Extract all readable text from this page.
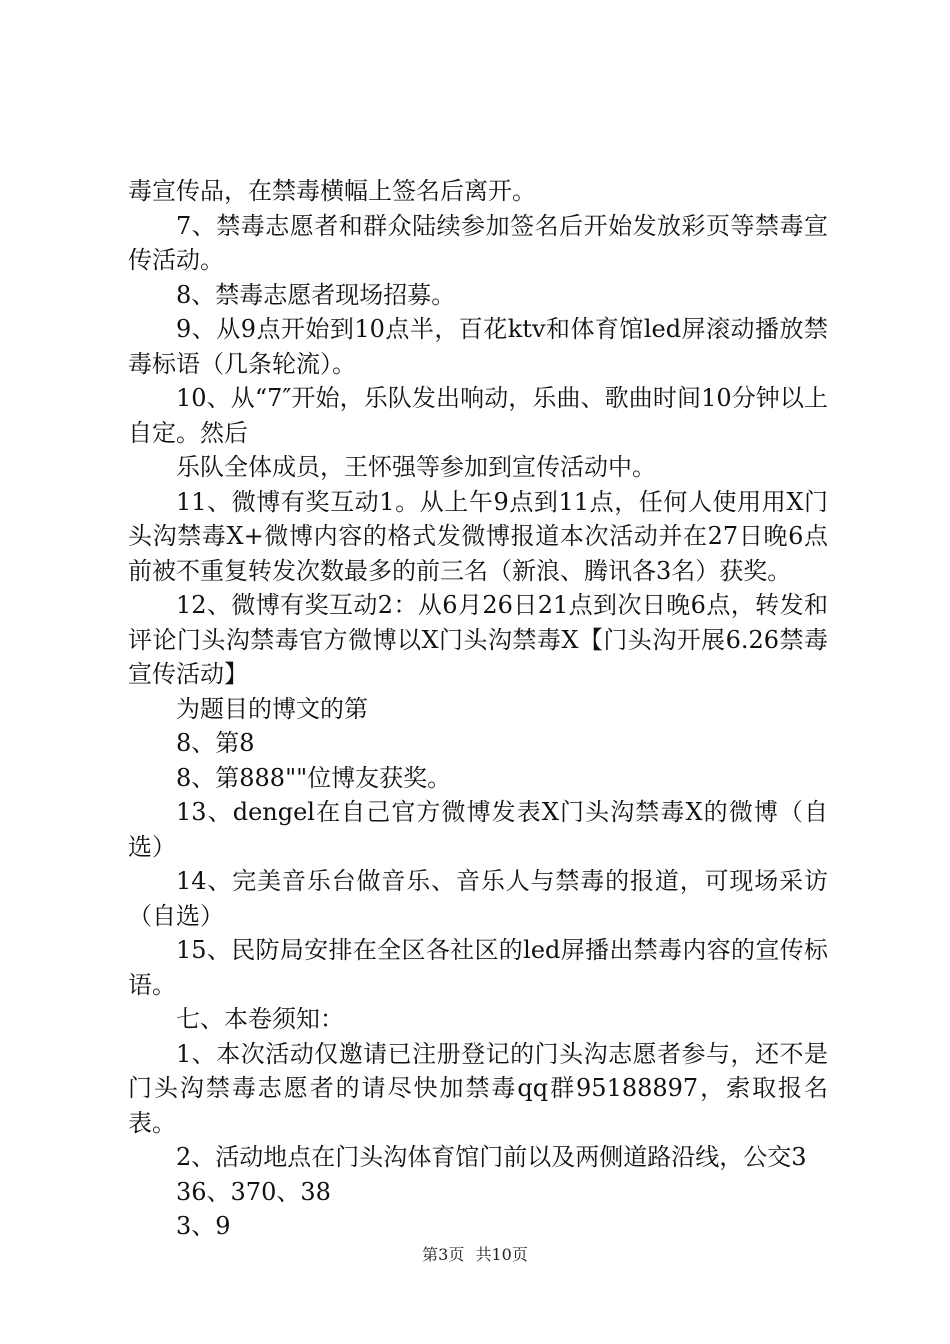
毒宣传品，在禁毒横幅上签名后离开。

7、禁毒志愿者和群众陆续参加签名后开始发放彩页等禁毒宣传活动。

8、禁毒志愿者现场招募。

9、从9点开始到10点半，百花ktv和体育馆led屏滚动播放禁毒标语（几条轮流）。

10、从“7″开始，乐队发出响动，乐曲、歌曲时间10分钟以上自定。然后

乐队全体成员，王怀强等参加到宣传活动中。

11、微博有奖互动1。从上午9点到11点，任何人使用用X门头沟禁毒X+微博内容的格式发微博报道本次活动并在27日晚6点前被不重复转发次数最多的前三名（新浪、腾讯各3名）获奖。

12、微博有奖互动2：从6月26日21点到次日晚6点，转发和评论门头沟禁毒官方微博以X门头沟禁毒X【门头沟开展6.26禁毒宣传活动】

为题目的博文的第

8、第8

8、第888""位博友获奖。

13、dengel在自己官方微博发表X门头沟禁毒X的微博（自选）

14、完美音乐台做音乐、音乐人与禁毒的报道，可现场采访（自选）

15、民防局安排在全区各社区的led屏播出禁毒内容的宣传标语。

七、本卷须知：

1、本次活动仅邀请已注册登记的门头沟志愿者参与，还不是门头沟禁毒志愿者的请尽快加禁毒qq群95188897，索取报名表。

2、活动地点在门头沟体育馆门前以及两侧道路沿线，公交3

36、370、38

3、9

第3页 共10页
